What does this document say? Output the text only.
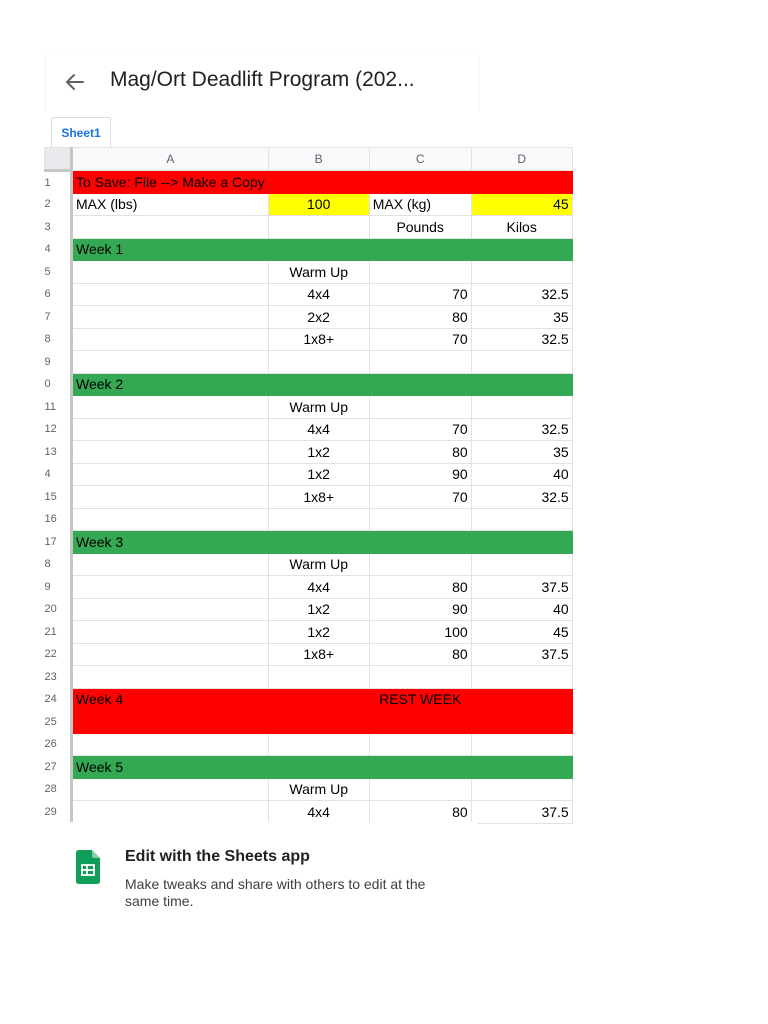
Mag/Ort Deadlift Program (202...
Sheet1
	A	B	C	D
1	To Save: File --> Make a Copy			
2	MAX (lbs)	100	MAX (kg)	45
3			Pounds	Kilos
4	Week 1			
5		Warm Up		
6		4x4	70	32.5
7		2x2	80	35
8		1x8+	70	32.5
9				
0	Week 2			
11		Warm Up		
12		4x4	70	32.5
13		1x2	80	35
4		1x2	90	40
15		1x8+	70	32.5
16				
17	Week 3			
8		Warm Up		
9		4x4	80	37.5
20		1x2	90	40
21		1x2	100	45
22		1x8+	80	37.5
23				
24	Week 4		REST WEEK	
25				
26				
27	Week 5			
28		Warm Up		
29		4x4	80	37.5
Edit with the Sheets app
Make tweaks and share with others to edit at the same time.
